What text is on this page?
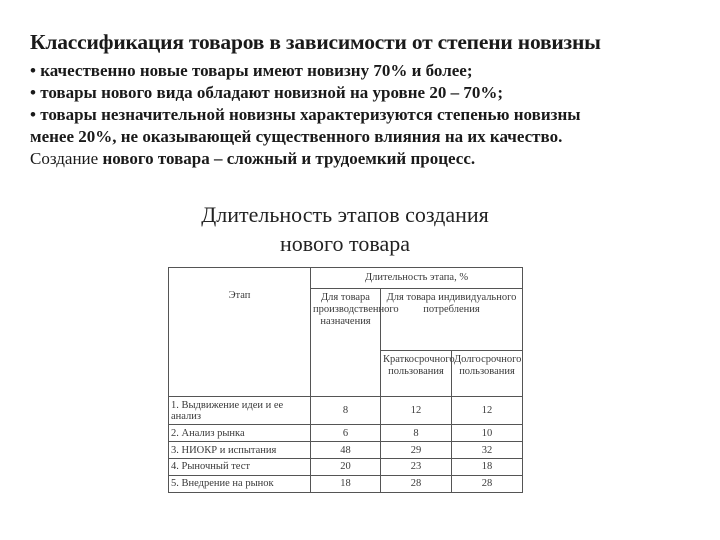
Классификация товаров в зависимости от степени новизны
• качественно новые товары имеют новизну 70% и более;
• товары нового вида обладают новизной на уровне 20 – 70%;
• товары незначительной новизны характеризуются степенью новизны
менее 20%, не оказывающей существенного влияния на их качество.
Создание нового товара – сложный и трудоемкий процесс.
Длительность этапов создания
нового товара
Этап	Длительность этапа, %		
	Для товара производственного назначения	Для товара индивидуального потребления	
		Краткосрочного пользования	Долгосрочного пользования
1. Выдвижение идеи и ее анализ	8	12	12
2. Анализ рынка	6	8	10
3. НИОКР и испытания	48	29	32
4. Рыночный тест	20	23	18
5. Внедрение на рынок	18	28	28
